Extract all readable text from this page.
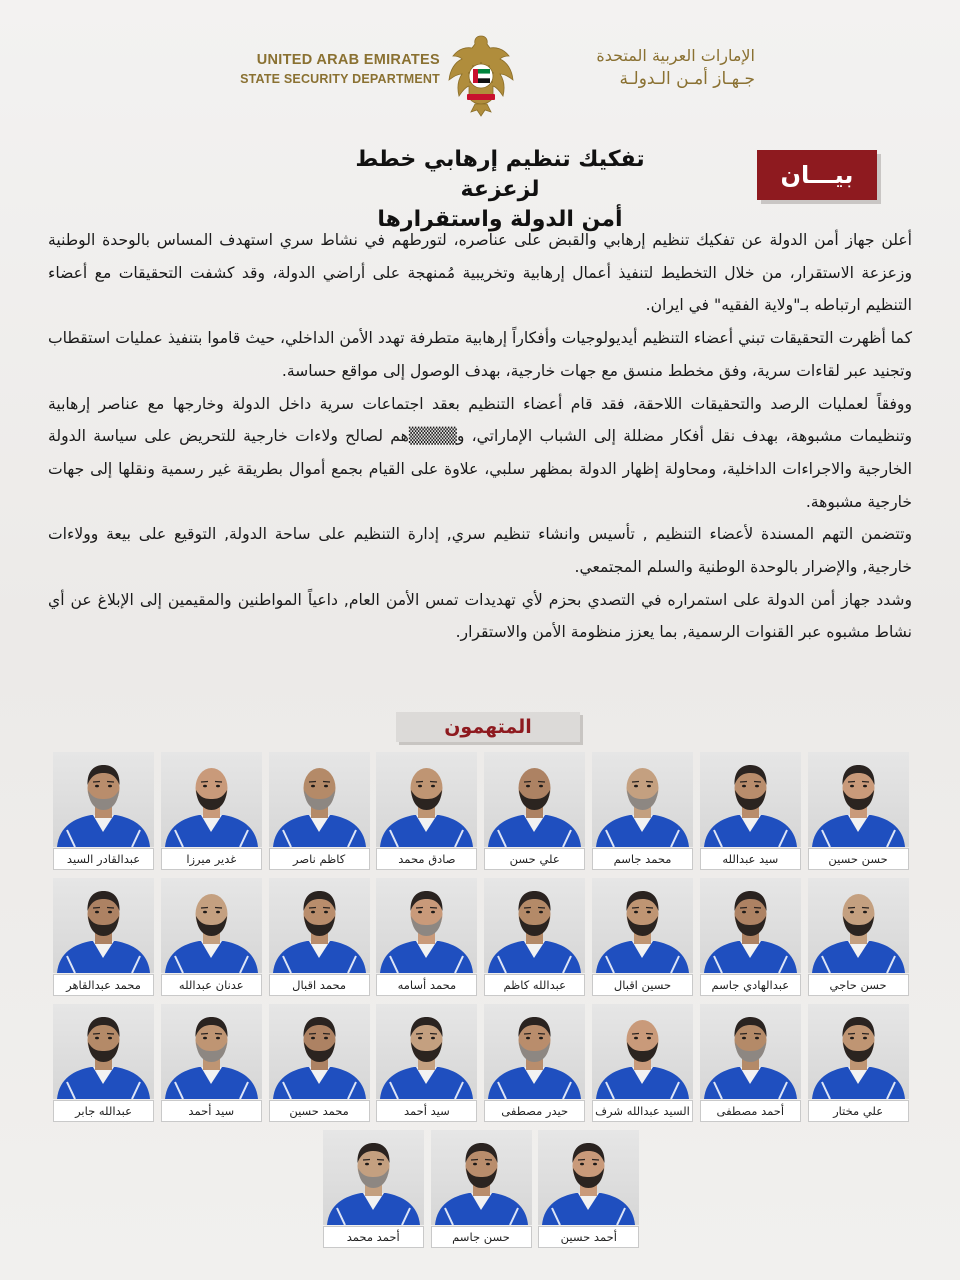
UNITED ARAB EMIRATES
STATE SECURITY DEPARTMENT
الإمارات العربية المتحدة
جـهـاز أمـن الـدولـة
تفكيك تنظيم إرهابي خطط لزعزعة
أمن الدولة واستقرارها
بيـــان

أعلن جهاز أمن الدولة عن تفكيك تنظيم إرهابي والقبض على عناصره، لتورطهم في نشاط سري استهدف المساس بالوحدة الوطنية وزعزعة الاستقرار، من خلال التخطيط لتنفيذ أعمال إرهابية وتخريبية مُمنهجة على أراضي الدولة، وقد كشفت التحقيقات مع أعضاء التنظيم ارتباطه بـ"ولاية الفقيه" في ايران.

كما أظهرت التحقيقات تبني أعضاء التنظيم أيديولوجيات وأفكاراً إرهابية متطرفة تهدد الأمن الداخلي، حيث قاموا بتنفيذ عمليات استقطاب وتجنيد عبر لقاءات سرية، وفق مخطط منسق مع جهات خارجية، بهدف الوصول إلى مواقع حساسة.

ووفقاً لعمليات الرصد والتحقيقات اللاحقة، فقد قام أعضاء التنظيم بعقد اجتماعات سرية داخل الدولة وخارجها مع عناصر إرهابية وتنظيمات مشبوهة، بهدف نقل أفكار مضللة إلى الشباب الإماراتي، و▒▒▒▒هم لصالح ولاءات خارجية للتحريض على سياسة الدولة الخارجية والاجراءات الداخلية، ومحاولة إظهار الدولة بمظهر سلبي، علاوة على القيام بجمع أموال بطريقة غير رسمية ونقلها إلى جهات خارجية مشبوهة.

وتتضمن التهم المسندة لأعضاء التنظيم , تأسيس وانشاء تنظيم سري, إدارة التنظيم على ساحة الدولة, التوقيع على بيعة وولاءات خارجية, والإضرار بالوحدة الوطنية والسلم المجتمعي.

وشدد جهاز أمن الدولة على استمراره في التصدي بحزم لأي تهديدات تمس الأمن العام, داعياً المواطنين والمقيمين إلى الإبلاغ عن أي نشاط مشبوه عبر القنوات الرسمية, بما يعزز منظومة الأمن والاستقرار.

المتهمون
حسن حسين
سيد عبدالله
محمد جاسم
علي حسن
صادق محمد
كاظم ناصر
غدير ميرزا
عبدالقادر السيد
حسن حاجي
عبدالهادي جاسم
حسين اقبال
عبدالله كاظم
محمد أسامه
محمد اقبال
عدنان عبدالله
محمد عبدالقاهر
علي مختار
أحمد مصطفى
السيد عبدالله شرف
حيدر مصطفى
سيد أحمد
محمد حسين
سيد أحمد
عبدالله جابر
أحمد حسين
حسن جاسم
أحمد محمد
